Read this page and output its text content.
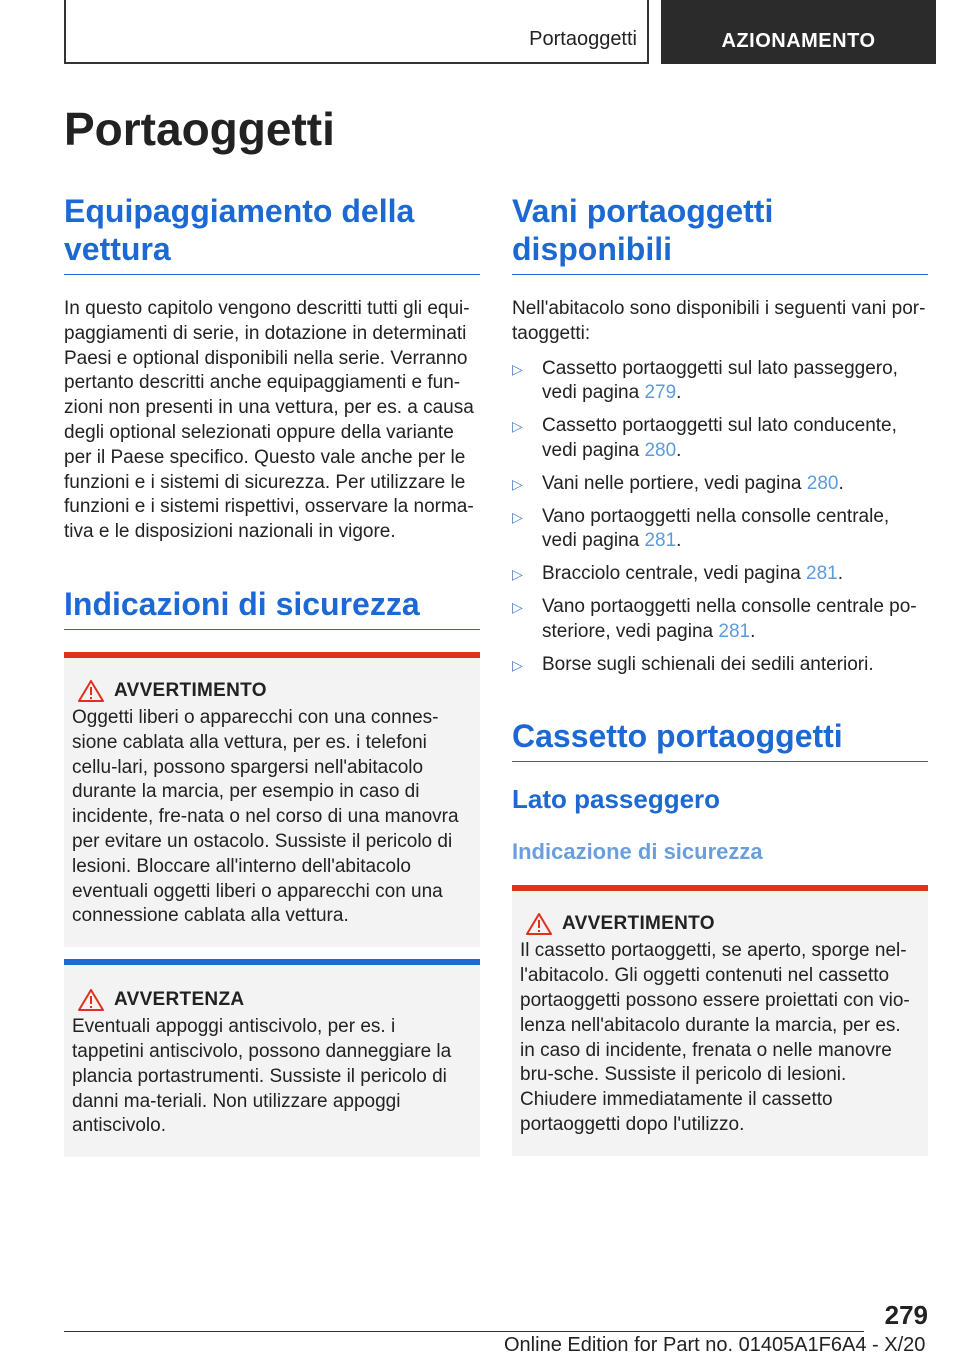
Portaoggetti	AZIONAMENTO
Portaoggetti
Equipaggiamento della vettura

In questo capitolo vengono descritti tutti gli equi-paggiamenti di serie, in dotazione in determinati Paesi e optional disponibili nella serie. Verranno pertanto descritti anche equipaggiamenti e fun-zioni non presenti in una vettura, per es. a causa degli optional selezionati oppure della variante per il Paese specifico. Questo vale anche per le funzioni e i sistemi di sicurezza. Per utilizzare le funzioni e i sistemi rispettivi, osservare la norma-tiva e le disposizioni nazionali in vigore.

Indicazioni di sicurezza
AVVERTIMENTO

Oggetti liberi o apparecchi con una connes-sione cablata alla vettura, per es. i telefoni cellu-lari, possono spargersi nell'abitacolo durante la marcia, per esempio in caso di incidente, fre-nata o nel corso di una manovra per evitare un ostacolo. Sussiste il pericolo di lesioni. Bloccare all'interno dell'abitacolo eventuali oggetti liberi o apparecchi con una connessione cablata alla vettura.

AVVERTENZA

Eventuali appoggi antiscivolo, per es. i tappetini antiscivolo, possono danneggiare la plancia portastrumenti. Sussiste il pericolo di danni ma-teriali. Non utilizzare appoggi antiscivolo.

Vani portaoggetti disponibili

Nell'abitacolo sono disponibili i seguenti vani por-taoggetti:

▷ Cassetto portaoggetti sul lato passeggero, vedi pagina 279.
▷ Cassetto portaoggetti sul lato conducente, vedi pagina 280.
▷ Vani nelle portiere, vedi pagina 280.
▷ Vano portaoggetti nella consolle centrale, vedi pagina 281.
▷ Bracciolo centrale, vedi pagina 281.
▷ Vano portaoggetti nella consolle centrale po-steriore, vedi pagina 281.
▷ Borse sugli schienali dei sedili anteriori.
Cassetto portaoggetti
Lato passeggero
Indicazione di sicurezza
AVVERTIMENTO

Il cassetto portaoggetti, se aperto, sporge nel-l'abitacolo. Gli oggetti contenuti nel cassetto portaoggetti possono essere proiettati con vio-lenza nell'abitacolo durante la marcia, per es. in caso di incidente, frenata o nelle manovre bru-sche. Sussiste il pericolo di lesioni. Chiudere immediatamente il cassetto portaoggetti dopo l'utilizzo.

279
Online Edition for Part no. 01405A1F6A4 - X/20
